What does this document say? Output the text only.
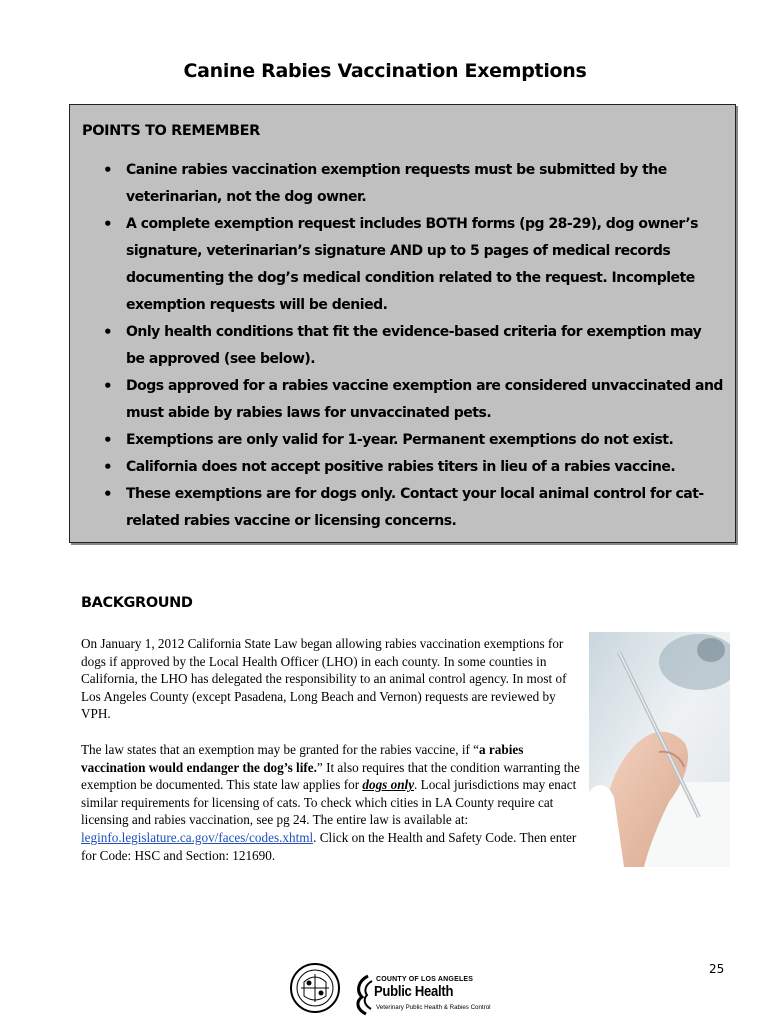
Canine Rabies Vaccination Exemptions
POINTS TO REMEMBER
• Canine rabies vaccination exemption requests must be submitted by the veterinarian, not the dog owner.
• A complete exemption request includes BOTH forms (pg 28-29), dog owner’s signature, veterinarian’s signature AND up to 5 pages of medical records documenting the dog’s medical condition related to the request. Incomplete exemption requests will be denied.
• Only health conditions that fit the evidence-based criteria for exemption may be approved (see below).
• Dogs approved for a rabies vaccine exemption are considered unvaccinated and must abide by rabies laws for unvaccinated pets.
• Exemptions are only valid for 1-year. Permanent exemptions do not exist.
• California does not accept positive rabies titers in lieu of a rabies vaccine.
• These exemptions are for dogs only. Contact your local animal control for cat-related rabies vaccine or licensing concerns.
BACKGROUND

On January 1, 2012 California State Law began allowing rabies vaccination exemptions for dogs if approved by the Local Health Officer (LHO) in each county. In some counties in California, the LHO has delegated the responsibility to an animal control agency. In most of Los Angeles County (except Pasadena, Long Beach and Vernon) requests are reviewed by VPH.

The law states that an exemption may be granted for the rabies vaccine, if “a rabies vaccination would endanger the dog’s life.” It also requires that the condition warranting the exemption be documented. This state law applies for dogs only. Local jurisdictions may enact similar requirements for licensing of cats. To check which cities in LA County require cat licensing and rabies vaccination, see pg 24. The entire law is available at: leginfo.legislature.ca.gov/faces/codes.xhtml. Click on the Health and Safety Code. Then enter for Code: HSC and Section: 121690.

25
COUNTY OF LOS ANGELES
Public Health
Veterinary Public Health & Rabies Control
